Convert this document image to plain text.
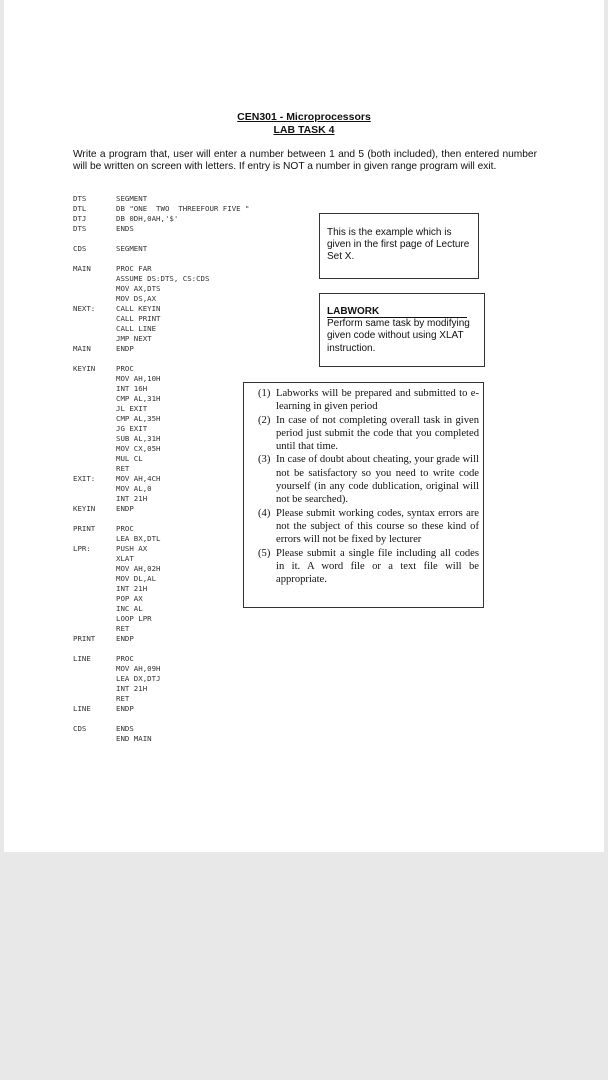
CEN301 - Microprocessors
LAB TASK 4
Write a program that, user will enter a number between 1 and 5 (both included), then entered number will be written on screen with letters. If entry is NOT a number in given range program will exit.
DTS	SEGMENT
DTL	DB "ONE  TWO  THREEFOUR FIVE "
DTJ	DB 0DH,0AH,'$'
DTS	ENDS
CDS	SEGMENT
MAIN	PROC FAR
ASSUME DS:DTS, CS:CDS
MOV AX,DTS
MOV DS,AX
NEXT:	CALL KEYIN
CALL PRINT
CALL LINE
JMP NEXT
MAIN	ENDP
KEYIN	PROC
MOV AH,10H
INT 16H
CMP AL,31H
JL EXIT
CMP AL,35H
JG EXIT
SUB AL,31H
MOV CX,05H
MUL CL
RET
EXIT:	MOV AH,4CH
MOV AL,0
INT 21H
KEYIN	ENDP
PRINT	PROC
LEA BX,DTL
LPR:	PUSH AX
XLAT
MOV AH,02H
MOV DL,AL
INT 21H
POP AX
INC AL
LOOP LPR
RET
PRINT	ENDP
LINE	PROC
MOV AH,09H
LEA DX,DTJ
INT 21H
RET
LINE	ENDP
CDS	ENDS
END MAIN
This is the example which is given in the first page of Lecture Set X.
LABWORK
Perform same task by modifying given code without using XLAT instruction.
(1) Labworks will be prepared and submitted to e-learning in given period
(2) In case of not completing overall task in given period just submit the code that you completed until that time.
(3) In case of doubt about cheating, your grade will not be satisfactory so you need to write code yourself (in any code dublication, original will not be searched).
(4) Please submit working codes, syntax errors are not the subject of this course so these kind of errors will not be fixed by lecturer
(5) Please submit a single file including all codes in it. A word file or a text file will be appropriate.
